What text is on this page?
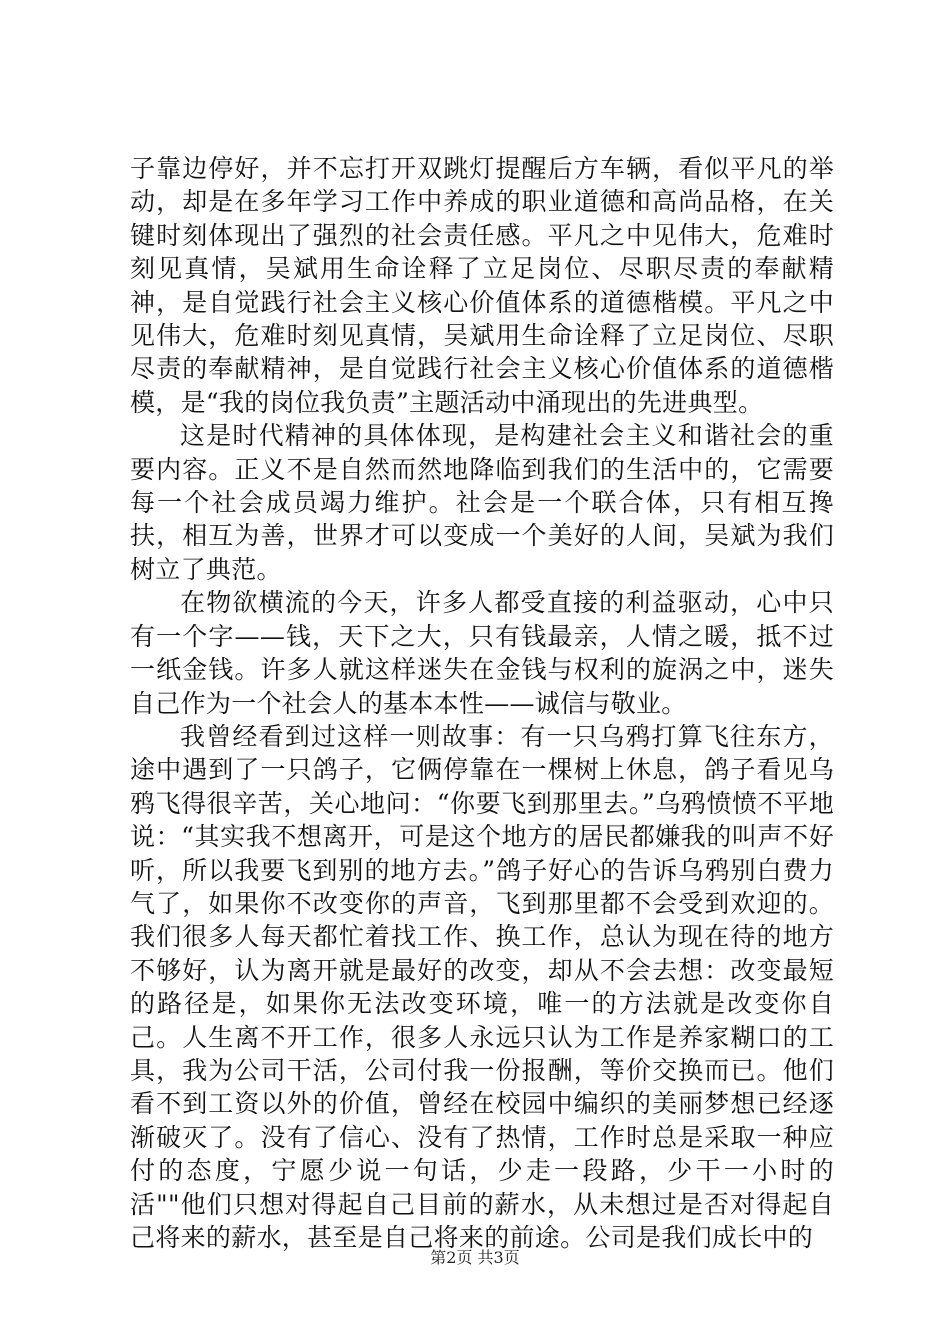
子靠边停好，并不忘打开双跳灯提醒后方车辆，看似平凡的举动，却是在多年学习工作中养成的职业道德和高尚品格，在关键时刻体现出了强烈的社会责任感。平凡之中见伟大，危难时刻见真情，吴斌用生命诠释了立足岗位、尽职尽责的奉献精神，是自觉践行社会主义核心价值体系的道德楷模。平凡之中见伟大，危难时刻见真情，吴斌用生命诠释了立足岗位、尽职尽责的奉献精神，是自觉践行社会主义核心价值体系的道德楷模，是“我的岗位我负责”主题活动中涌现出的先进典型。

这是时代精神的具体体现，是构建社会主义和谐社会的重要内容。正义不是自然而然地降临到我们的生活中的，它需要每一个社会成员竭力维护。社会是一个联合体，只有相互搀扶，相互为善，世界才可以变成一个美好的人间，吴斌为我们树立了典范。

在物欲横流的今天，许多人都受直接的利益驱动，心中只有一个字——钱，天下之大，只有钱最亲，人情之暖，抵不过一纸金钱。许多人就这样迷失在金钱与权利的旋涡之中，迷失自己作为一个社会人的基本本性——诚信与敬业。

我曾经看到过这样一则故事：有一只乌鸦打算飞往东方，途中遇到了一只鸽子，它俩停靠在一棵树上休息，鸽子看见乌鸦飞得很辛苦，关心地问：“你要飞到那里去。”乌鸦愤愤不平地说：“其实我不想离开，可是这个地方的居民都嫌我的叫声不好听，所以我要飞到别的地方去。”鸽子好心的告诉乌鸦别白费力气了，如果你不改变你的声音，飞到那里都不会受到欢迎的。我们很多人每天都忙着找工作、换工作，总认为现在待的地方不够好，认为离开就是最好的改变，却从不会去想：改变最短的路径是，如果你无法改变环境，唯一的方法就是改变你自己。人生离不开工作，很多人永远只认为工作是养家糊口的工具，我为公司干活，公司付我一份报酬，等价交换而已。他们看不到工资以外的价值，曾经在校园中编织的美丽梦想已经逐渐破灭了。没有了信心、没有了热情，工作时总是采取一种应付的态度，宁愿少说一句话，少走一段路，少干一小时的活""他们只想对得起自己目前的薪水，从未想过是否对得起自己将来的薪水，甚至是自己将来的前途。公司是我们成长中的

第2页 共3页
